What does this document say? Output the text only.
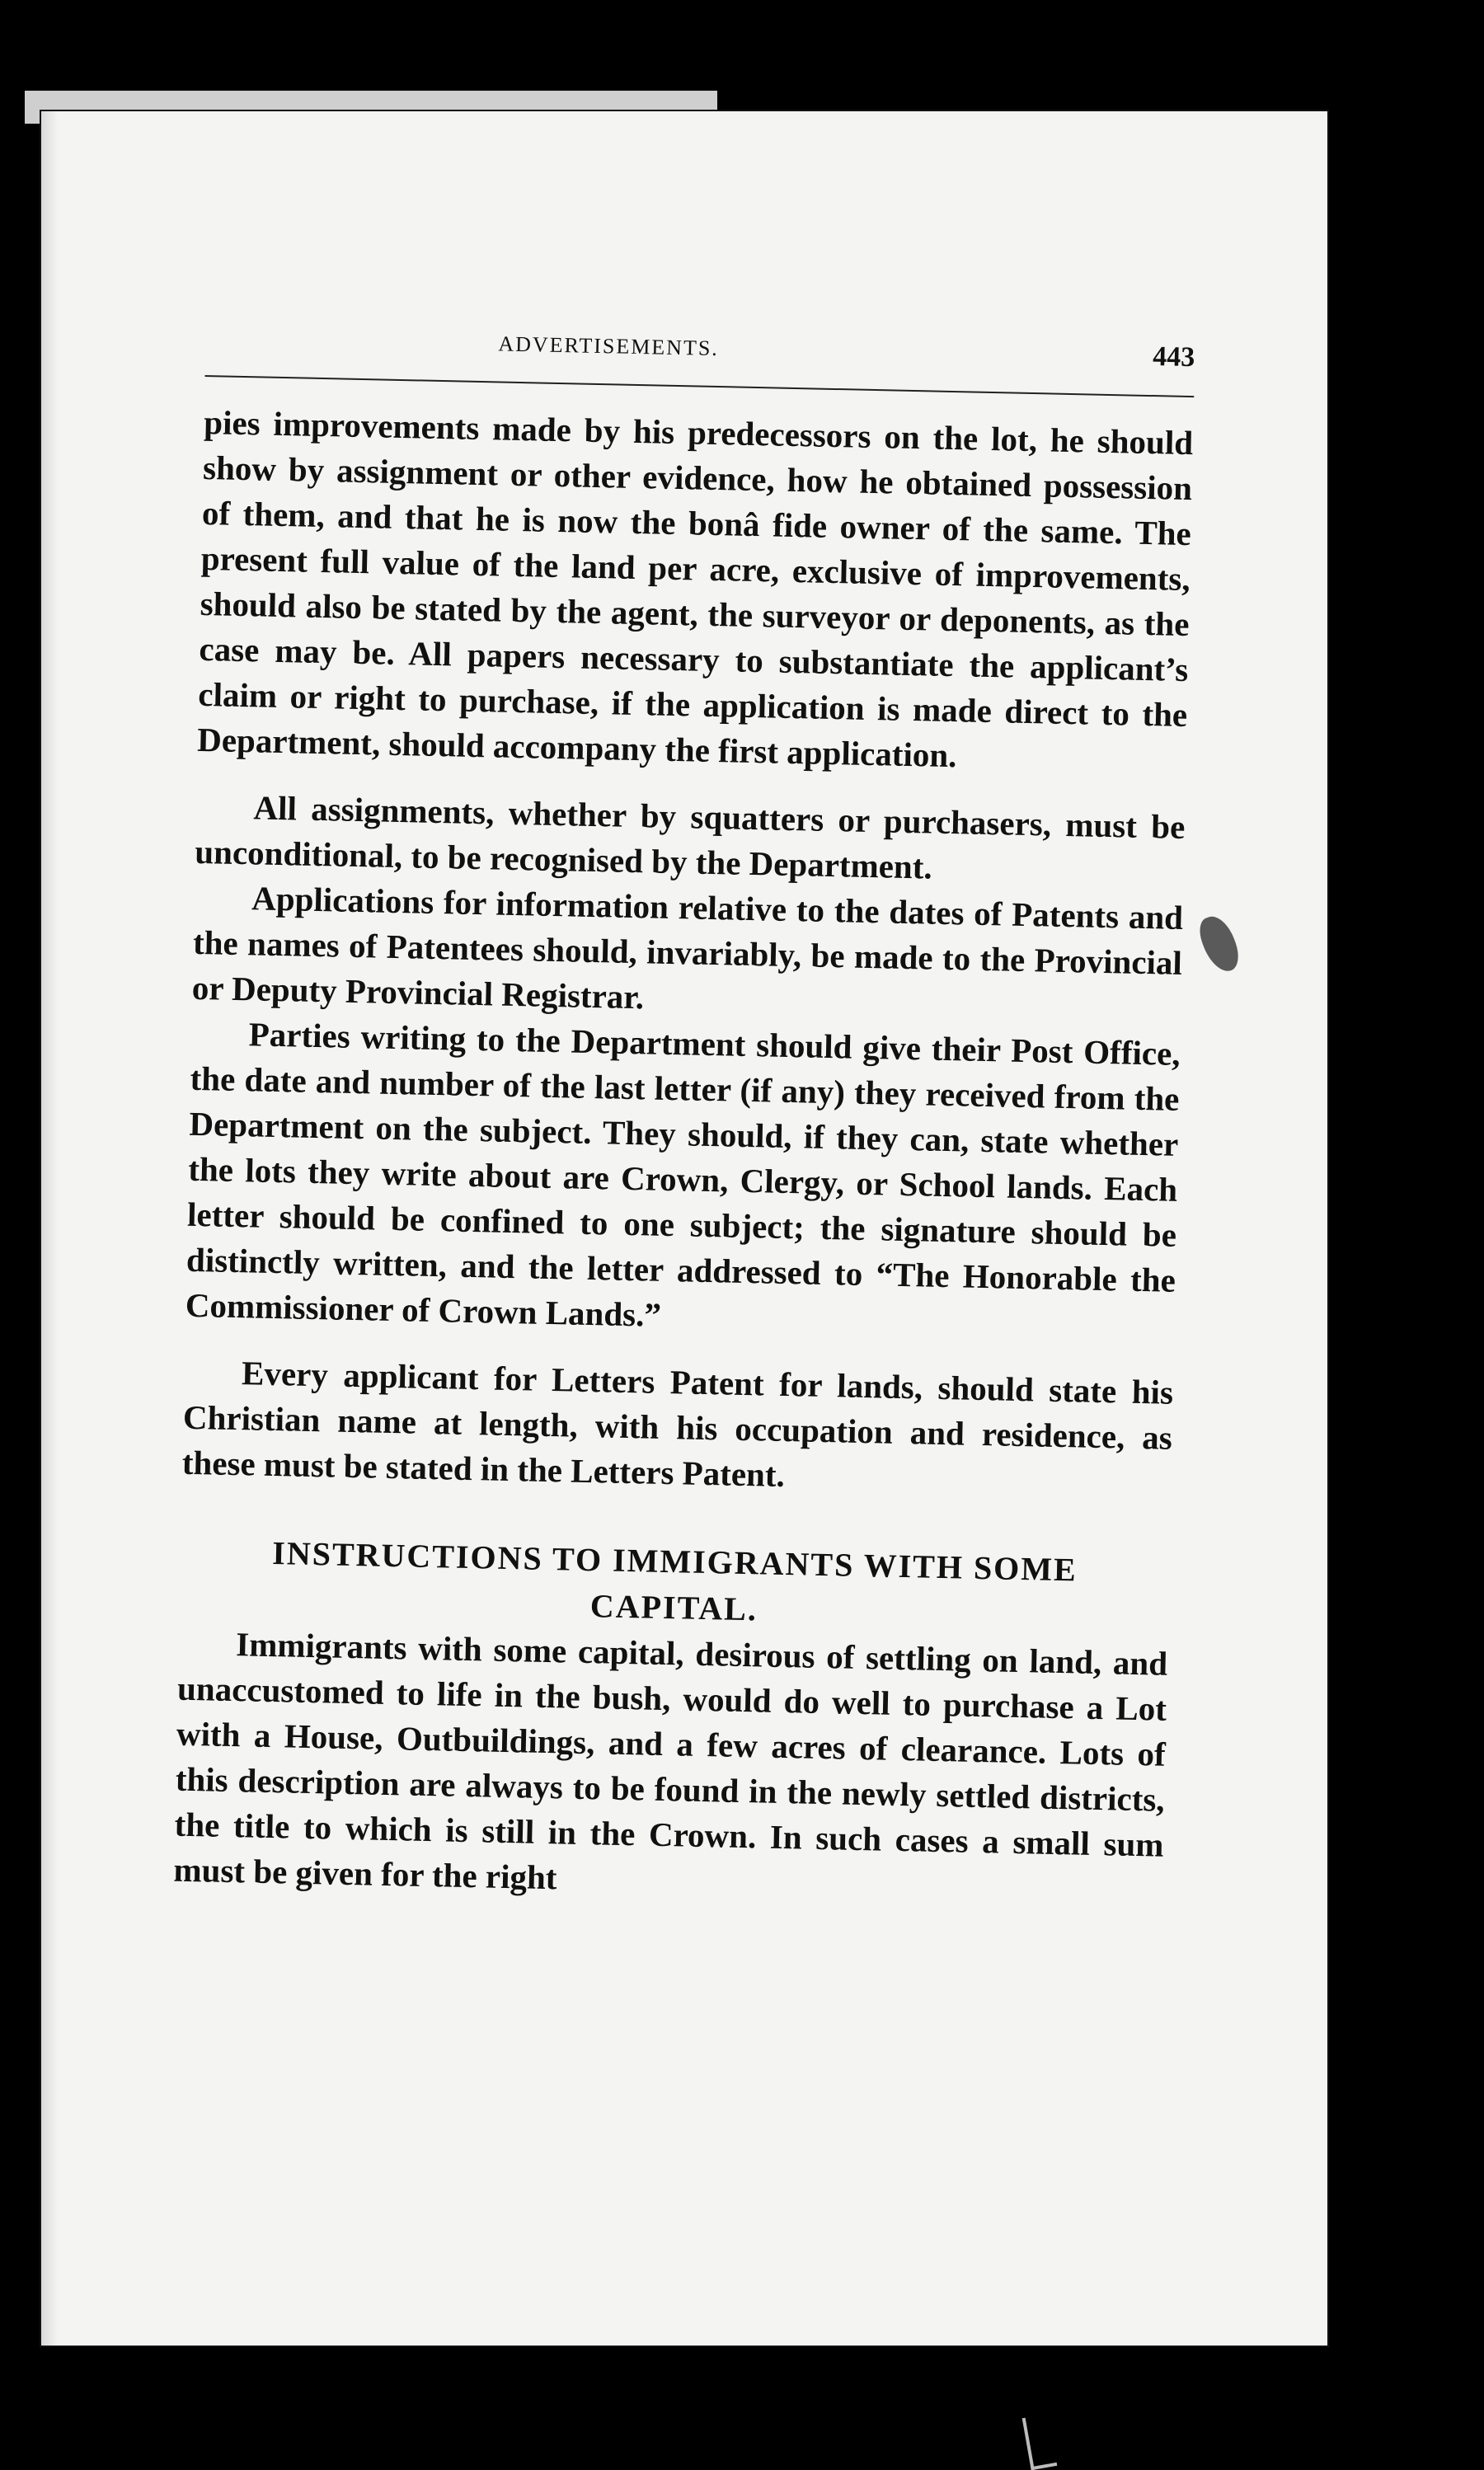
ADVERTISEMENTS.	443

pies improvements made by his predecessors on the lot, he should show by assignment or other evidence, how he obtained possession of them, and that he is now the bonâ fide owner of the same. The present full value of the land per acre, exclusive of improvements, should also be stated by the agent, the surveyor or deponents, as the case may be. All papers necessary to substantiate the applicant’s claim or right to purchase, if the application is made direct to the Department, should accompany the first application.

All assignments, whether by squatters or purchasers, must be unconditional, to be recognised by the Department.

Applications for information relative to the dates of Patents and the names of Patentees should, invariably, be made to the Provincial or Deputy Provincial Registrar.

Parties writing to the Department should give their Post Office, the date and number of the last letter (if any) they received from the Department on the subject. They should, if they can, state whether the lots they write about are Crown, Clergy, or School lands. Each letter should be confined to one subject; the signature should be distinctly written, and the letter addressed to “The Honorable the Commissioner of Crown Lands.”

Every applicant for Letters Patent for lands, should state his Christian name at length, with his occupation and residence, as these must be stated in the Letters Patent.

INSTRUCTIONS TO IMMIGRANTS WITH SOME
CAPITAL.

Immigrants with some capital, desirous of settling on land, and unaccustomed to life in the bush, would do well to purchase a Lot with a House, Outbuildings, and a few acres of clearance. Lots of this description are always to be found in the newly settled districts, the title to which is still in the Crown. In such cases a small sum must be given for the right
